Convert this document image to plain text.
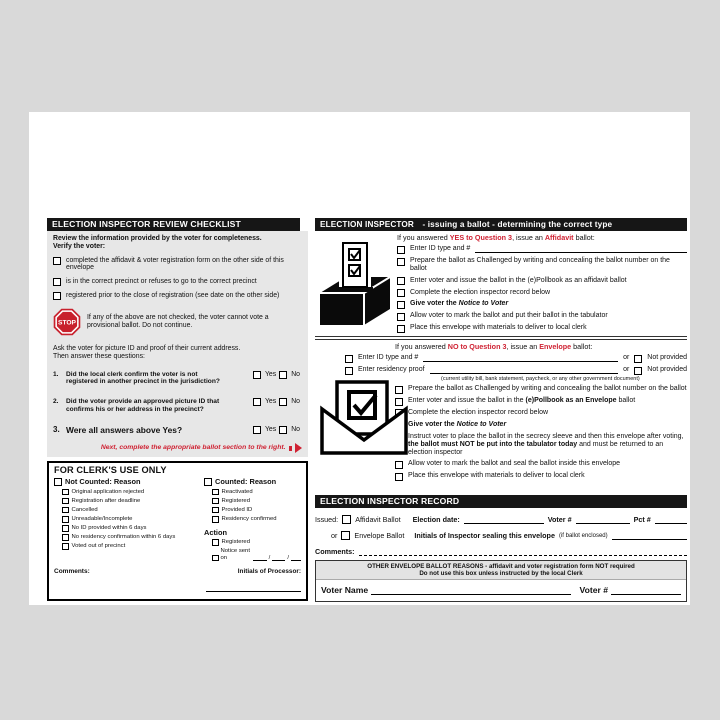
ELECTION INSPECTOR REVIEW CHECKLIST
Review the information provided by the voter for completeness.
Verify the voter:
completed the affidavit & voter registration form on the other side of this envelope
is in the correct precinct or refuses to go to the correct precinct
registered prior to the close of registration (see date on the other side)
STOP
If any of the above are not checked, the voter cannot vote a provisional ballot. Do not continue.
Ask the voter for picture ID and proof of their current address.
Then answer these questions:
1.	Did the local clerk confirm the voter is not registered in another precinct in the jurisdiction?
Yes No
2.	Did the voter provide an approved picture ID that confirms his or her address in the precinct?
Yes No
3. Were all answers above Yes?	Yes No
Next, complete the appropriate ballot section to the right.
FOR CLERK'S USE ONLY
Not Counted: Reason
Original application rejected
Registration after deadline
Cancelled
Unreadable/Incomplete
No ID provided within 6 days
No residency confirmation within 6 days
Voted out of precinct
Counted: Reason
Reactivated
Registered
Provided ID
Residency confirmed
Action
Registered
Notice sent on	/	/
Comments:	Initials of Processor:

ELECTION INSPECTOR - issuing a ballot - determining the correct type
If you answered YES to Question 3, issue an Affidavit ballot:
Enter ID type and #
Prepare the ballot as Challenged by writing and concealing the ballot number on the ballot
Enter voter and issue the ballot in the (e)Pollbook as an affidavit ballot
Complete the election inspector record below
Give voter the Notice to Voter
Allow voter to mark the ballot and put their ballot in the tabulator
Place this envelope with materials to deliver to local clerk
If you answered NO to Question 3, issue an Envelope ballot:
Enter ID type and #	or	Not provided
Enter residency proof	or	Not provided
(current utility bill, bank statement, paycheck, or any other government document)
Prepare the ballot as Challenged by writing and concealing the ballot number on the ballot
Enter voter and issue the ballot in the (e)Pollbook as an Envelope ballot
Complete the election inspector record below
Give voter the Notice to Voter
Instruct voter to place the ballot in the secrecy sleeve and then this envelope after voting, the ballot must NOT be put into the tabulator today and must be returned to an election inspector
Allow voter to mark the ballot and seal the ballot inside this envelope
Place this envelope with materials to deliver to local clerk
ELECTION INSPECTOR RECORD
Issued: Affidavit Ballot Election date:	Voter #	Pct #
or Envelope Ballot Initials of Inspector sealing this envelope (if ballot enclosed)
Comments:
OTHER ENVELOPE BALLOT REASONS - affidavit and voter registration form NOT required
Do not use this box unless instructed by the local Clerk
Voter Name	Voter #
